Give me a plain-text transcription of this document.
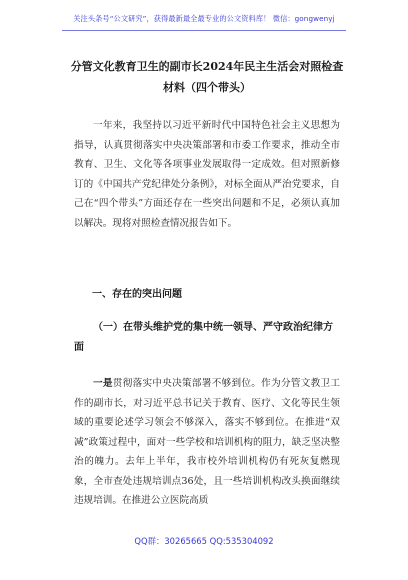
关注头条号“公文研究”，获得最新最全最专业的公文资料库！ 微信：gongwenyj
分管文化教育卫生的副市长2024年民主生活会对照检查材料（四个带头）

一年来，我坚持以习近平新时代中国特色社会主义思想为指导，认真贯彻落实中央决策部署和市委工作要求，推动全市教育、卫生、文化等各项事业发展取得一定成效。但对照新修订的《中国共产党纪律处分条例》，对标全面从严治党要求，自己在“四个带头”方面还存在一些突出问题和不足，必须认真加以解决。现将对照检查情况报告如下。

一、存在的突出问题

（一）在带头维护党的集中统一领导、严守政治纪律方面

一是贯彻落实中央决策部署不够到位。作为分管文教卫工作的副市长，对习近平总书记关于教育、医疗、文化等民生领域的重要论述学习领会不够深入，落实不够到位。在推进“双减”政策过程中，面对一些学校和培训机构的阻力，缺乏坚决整治的魄力。去年上半年，我市校外培训机构仍有死灰复燃现象，全市查处违规培训点36处，且一些培训机构改头换面继续违规培训。在推进公立医院高质

QQ群：30265665 QQ:535304092
